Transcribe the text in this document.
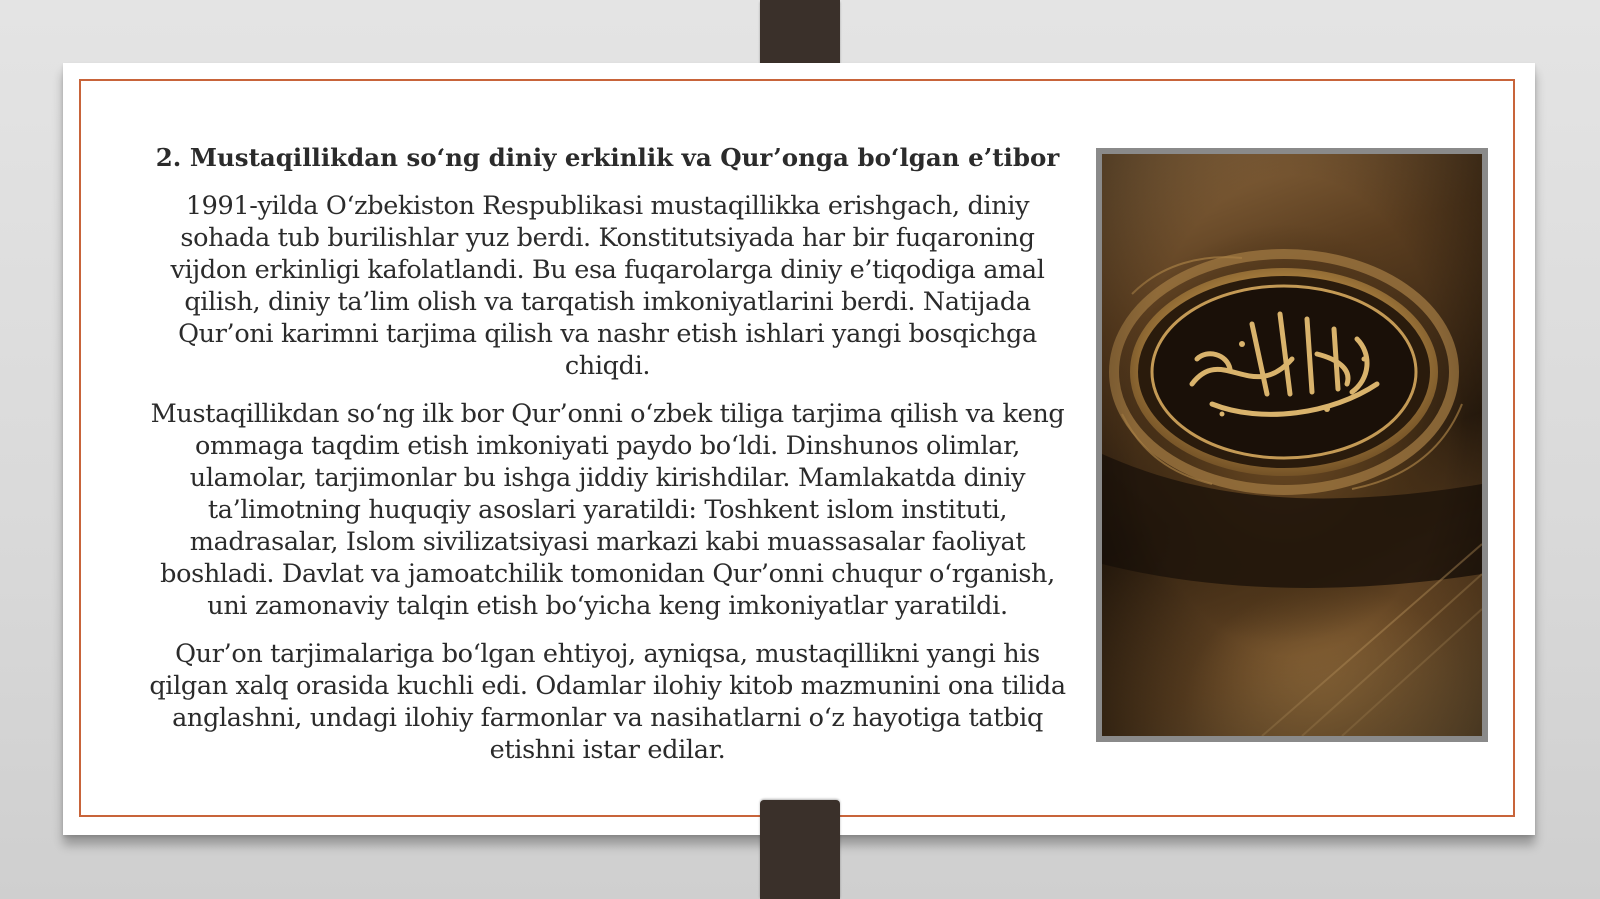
2. Mustaqillikdan so‘ng diniy erkinlik va Qur’onga bo‘lgan e’tibor

1991-yilda O‘zbekiston Respublikasi mustaqillikka erishgach, diniy sohada tub burilishlar yuz berdi. Konstitutsiyada har bir fuqaroning vijdon erkinligi kafolatlandi. Bu esa fuqarolarga diniy e’tiqodiga amal qilish, diniy ta’lim olish va tarqatish imkoniyatlarini berdi. Natijada Qur’oni karimni tarjima qilish va nashr etish ishlari yangi bosqichga chiqdi.

Mustaqillikdan so‘ng ilk bor Qur’onni o‘zbek tiliga tarjima qilish va keng ommaga taqdim etish imkoniyati paydo bo‘ldi. Dinshunos olimlar, ulamolar, tarjimonlar bu ishga jiddiy kirishdilar. Mamlakatda diniy ta’limotning huquqiy asoslari yaratildi: Toshkent islom instituti, madrasalar, Islom sivilizatsiyasi markazi kabi muassasalar faoliyat boshladi. Davlat va jamoatchilik tomonidan Qur’onni chuqur o‘rganish, uni zamonaviy talqin etish bo‘yicha keng imkoniyatlar yaratildi.

Qur’on tarjimalariga bo‘lgan ehtiyoj, ayniqsa, mustaqillikni yangi his qilgan xalq orasida kuchli edi. Odamlar ilohiy kitob mazmunini ona tilida anglashni, undagi ilohiy farmonlar va nasihatlarni o‘z hayotiga tatbiq etishni istar edilar.
